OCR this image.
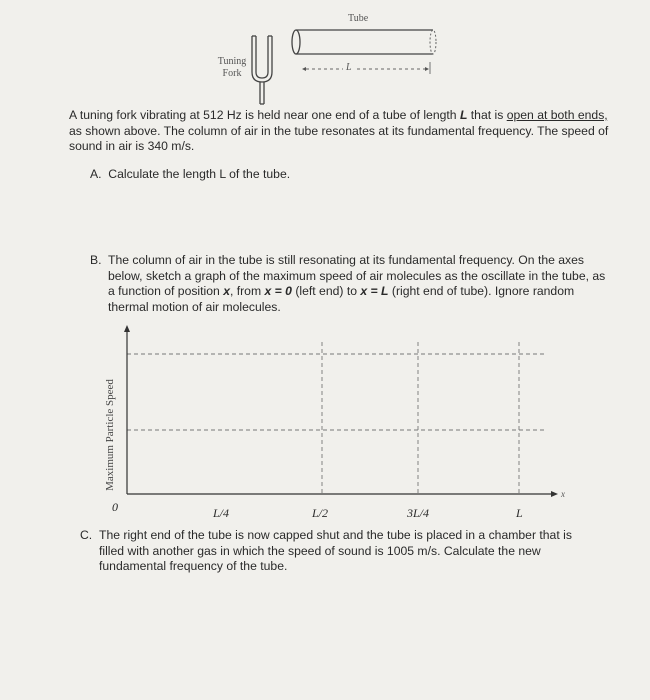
Tube
Tuning
Fork
L
A tuning fork vibrating at 512 Hz is held near one end of a tube of length L that is open at both ends,
as shown above. The column of air in the tube resonates at its fundamental frequency. The speed of
sound in air is 340 m/s.
A. Calculate the length L of the tube.
B. The column of air in the tube is still resonating at its fundamental frequency. On the axes
below, sketch a graph of the maximum speed of air molecules as the oscillate in the tube, as
a function of position x, from x = 0 (left end) to x = L (right end of tube). Ignore random
thermal motion of air molecules.
Maximum Particle Speed
0
x
L/4	L/2	3L/4	L
C. The right end of the tube is now capped shut and the tube is placed in a chamber that is
filled with another gas in which the speed of sound is 1005 m/s. Calculate the new
fundamental frequency of the tube.
